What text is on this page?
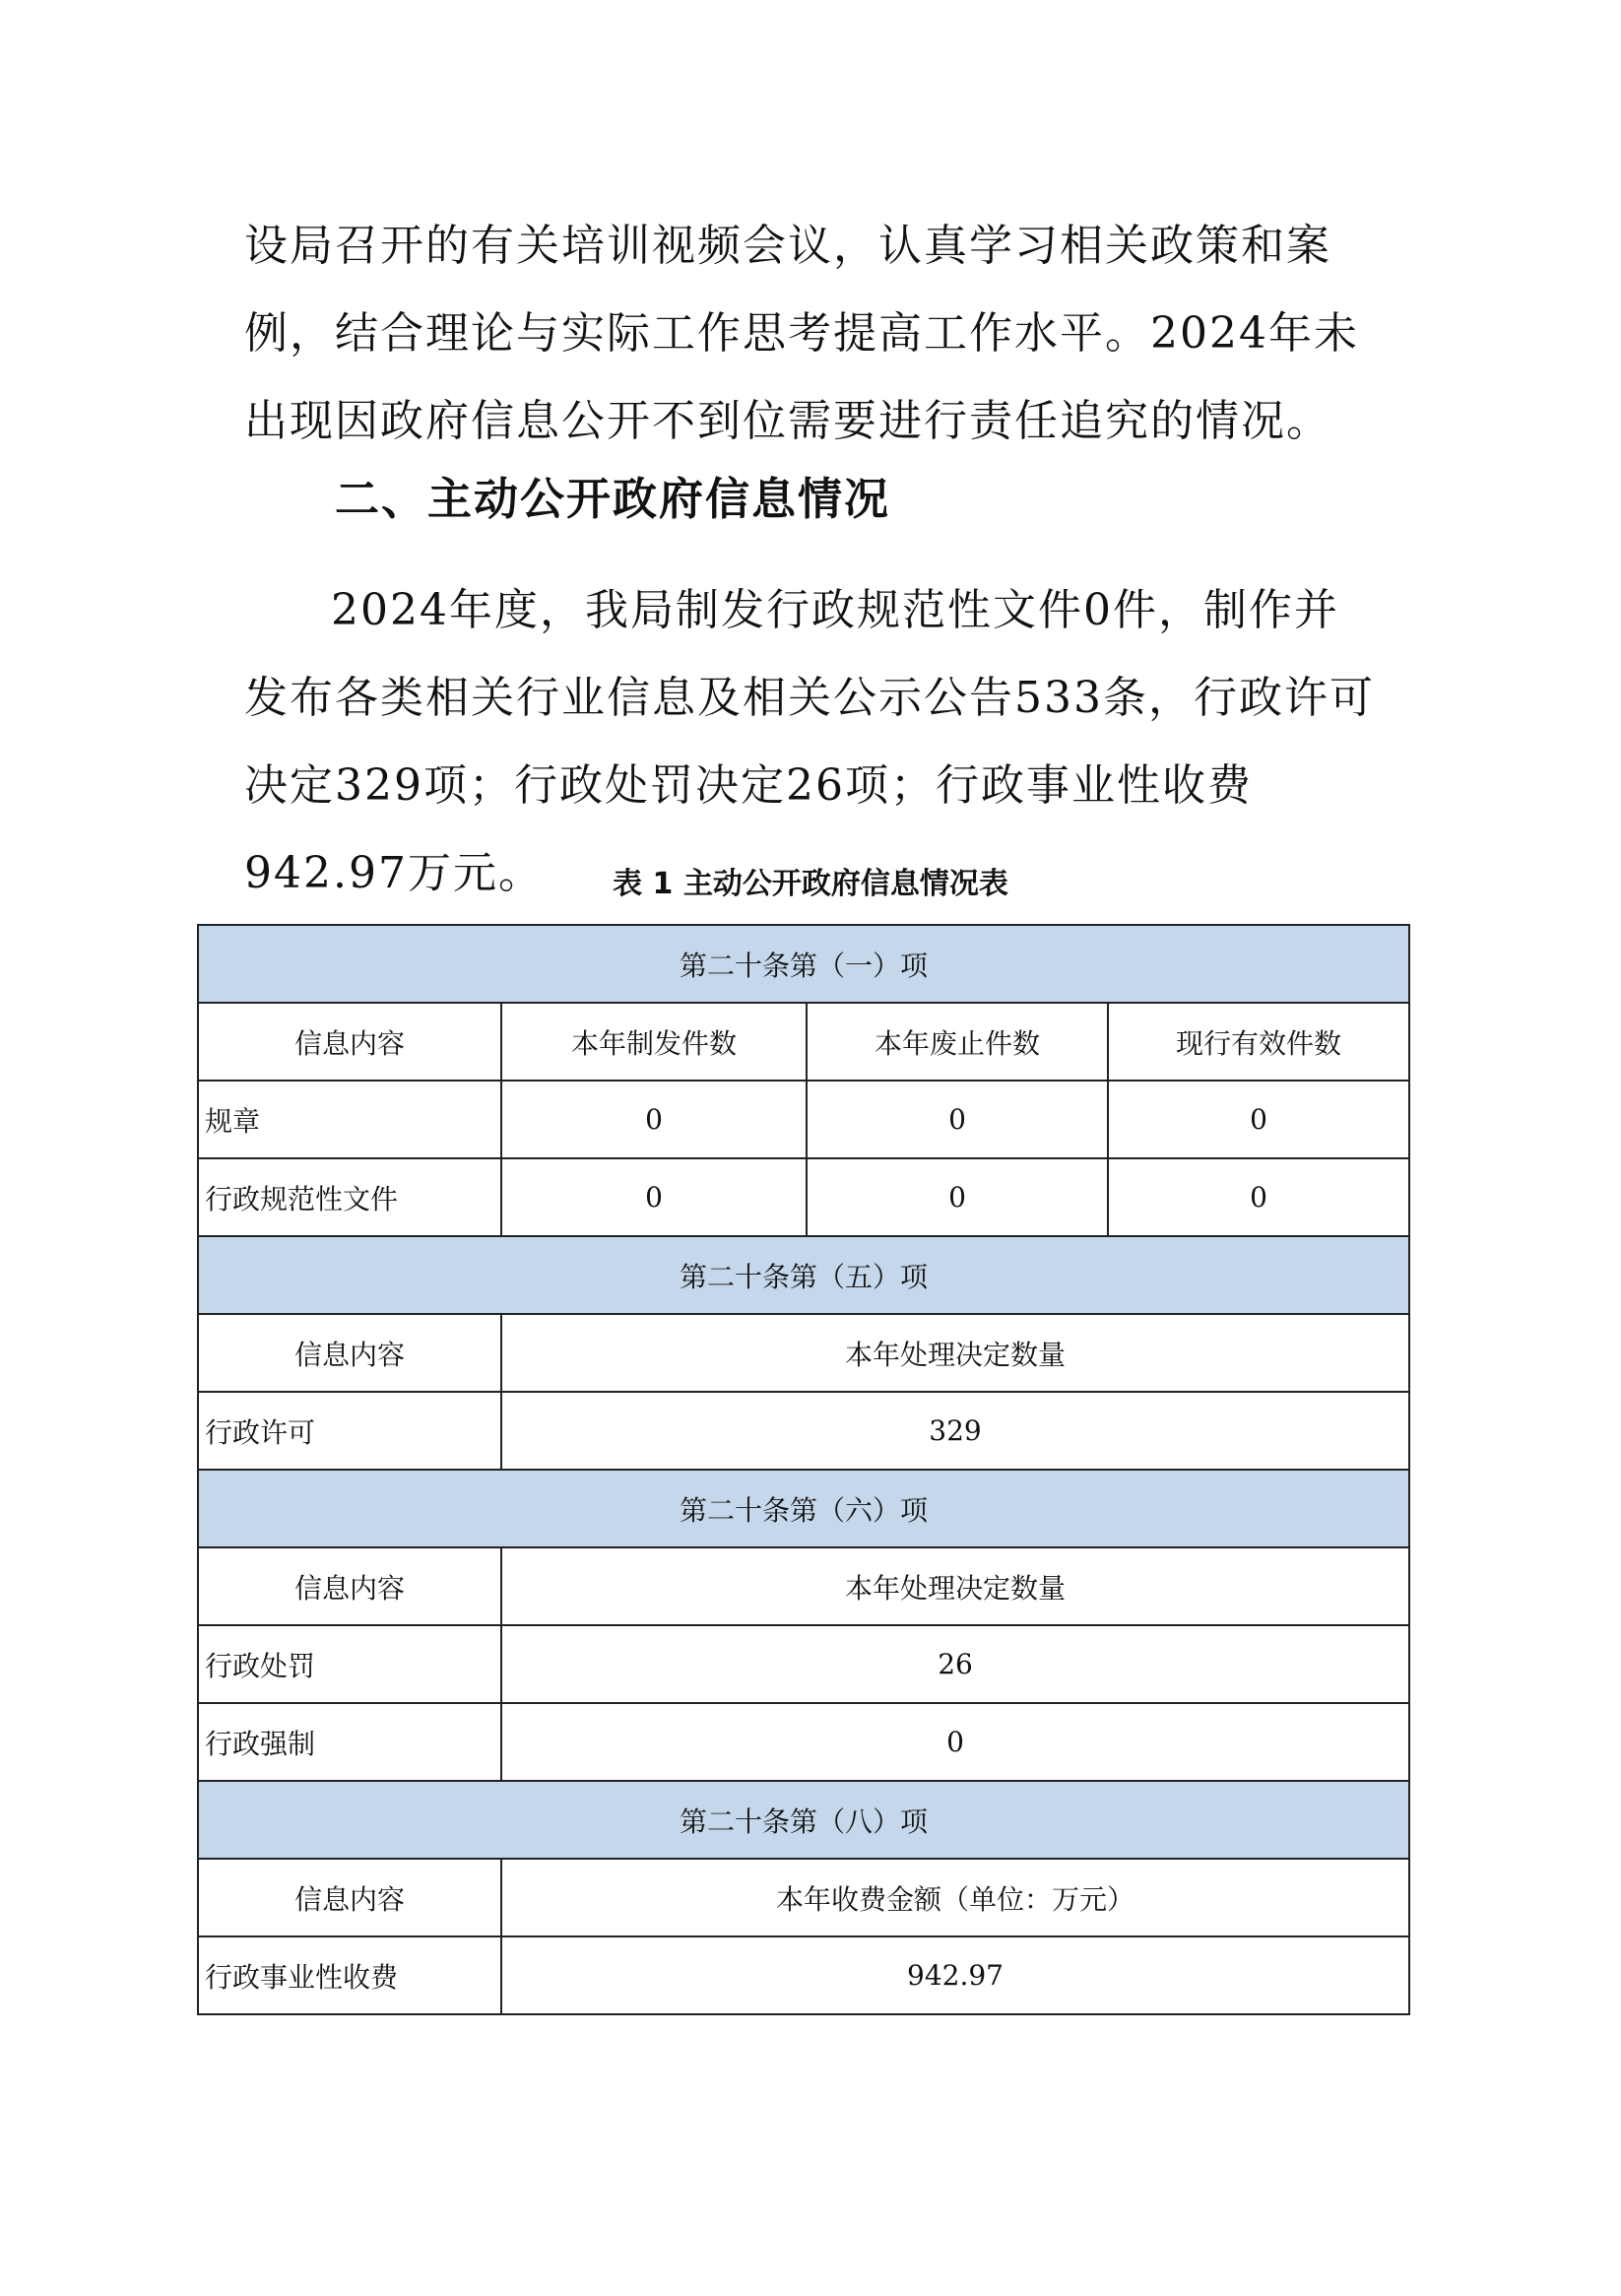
设局召开的有关培训视频会议，认真学习相关政策和案例，结合理论与实际工作思考提高工作水平。2024年未出现因政府信息公开不到位需要进行责任追究的情况。

二、主动公开政府信息情况

2024年度，我局制发行政规范性文件0件，制作并发布各类相关行业信息及相关公示公告533条，行政许可决定329项；行政处罚决定26项；行政事业性收费942.97万元。	表 1 主动公开政府信息情况表

第二十条第（一）项			
信息内容	本年制发件数	本年废止件数	现行有效件数
规章	0	0	0
行政规范性文件	0	0	0
第二十条第（五）项			
信息内容	本年处理决定数量		
行政许可	329		
第二十条第（六）项			
信息内容	本年处理决定数量		
行政处罚	26		
行政强制	0		
第二十条第（八）项			
信息内容	本年收费金额（单位：万元）		
行政事业性收费	942.97		
